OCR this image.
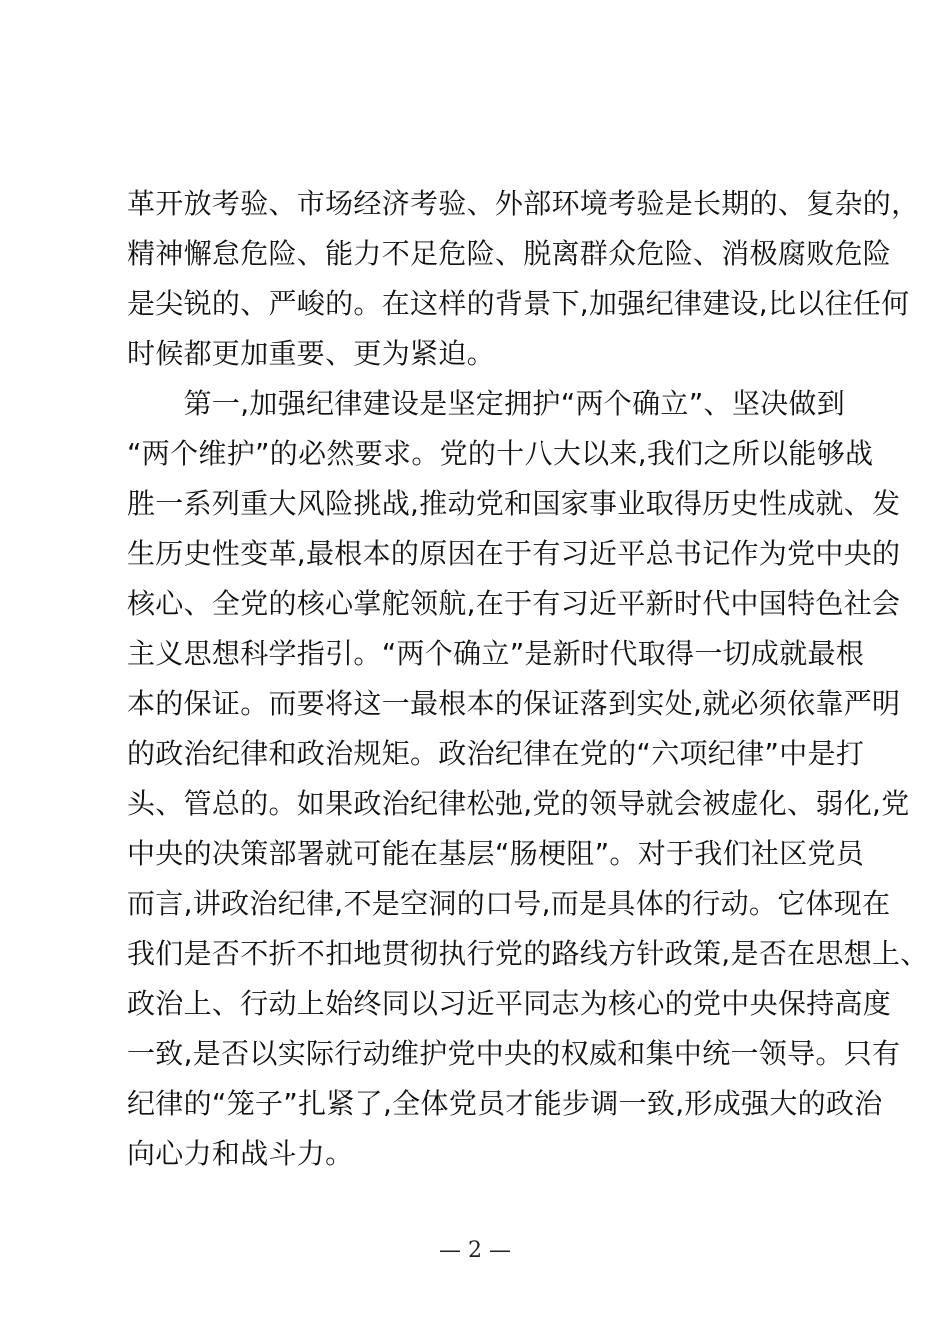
革开放考验、市场经济考验、外部环境考验是长期的、复杂的，
精神懈怠危险、能力不足危险、脱离群众危险、消极腐败危险
是尖锐的、严峻的。在这样的背景下,加强纪律建设,比以往任何
时候都更加重要、更为紧迫。
　　第一,加强纪律建设是坚定拥护“两个确立”、坚决做到
“两个维护”的必然要求。党的十八大以来,我们之所以能够战
胜一系列重大风险挑战,推动党和国家事业取得历史性成就、发
生历史性变革,最根本的原因在于有习近平总书记作为党中央的
核心、全党的核心掌舵领航,在于有习近平新时代中国特色社会
主义思想科学指引。“两个确立”是新时代取得一切成就最根
本的保证。而要将这一最根本的保证落到实处,就必须依靠严明
的政治纪律和政治规矩。政治纪律在党的“六项纪律”中是打
头、管总的。如果政治纪律松弛,党的领导就会被虚化、弱化,党
中央的决策部署就可能在基层“肠梗阻”。对于我们社区党员
而言,讲政治纪律,不是空洞的口号,而是具体的行动。它体现在
我们是否不折不扣地贯彻执行党的路线方针政策,是否在思想上、
政治上、行动上始终同以习近平同志为核心的党中央保持高度
一致,是否以实际行动维护党中央的权威和集中统一领导。只有
纪律的“笼子”扎紧了,全体党员才能步调一致,形成强大的政治
向心力和战斗力。
— 2 —
